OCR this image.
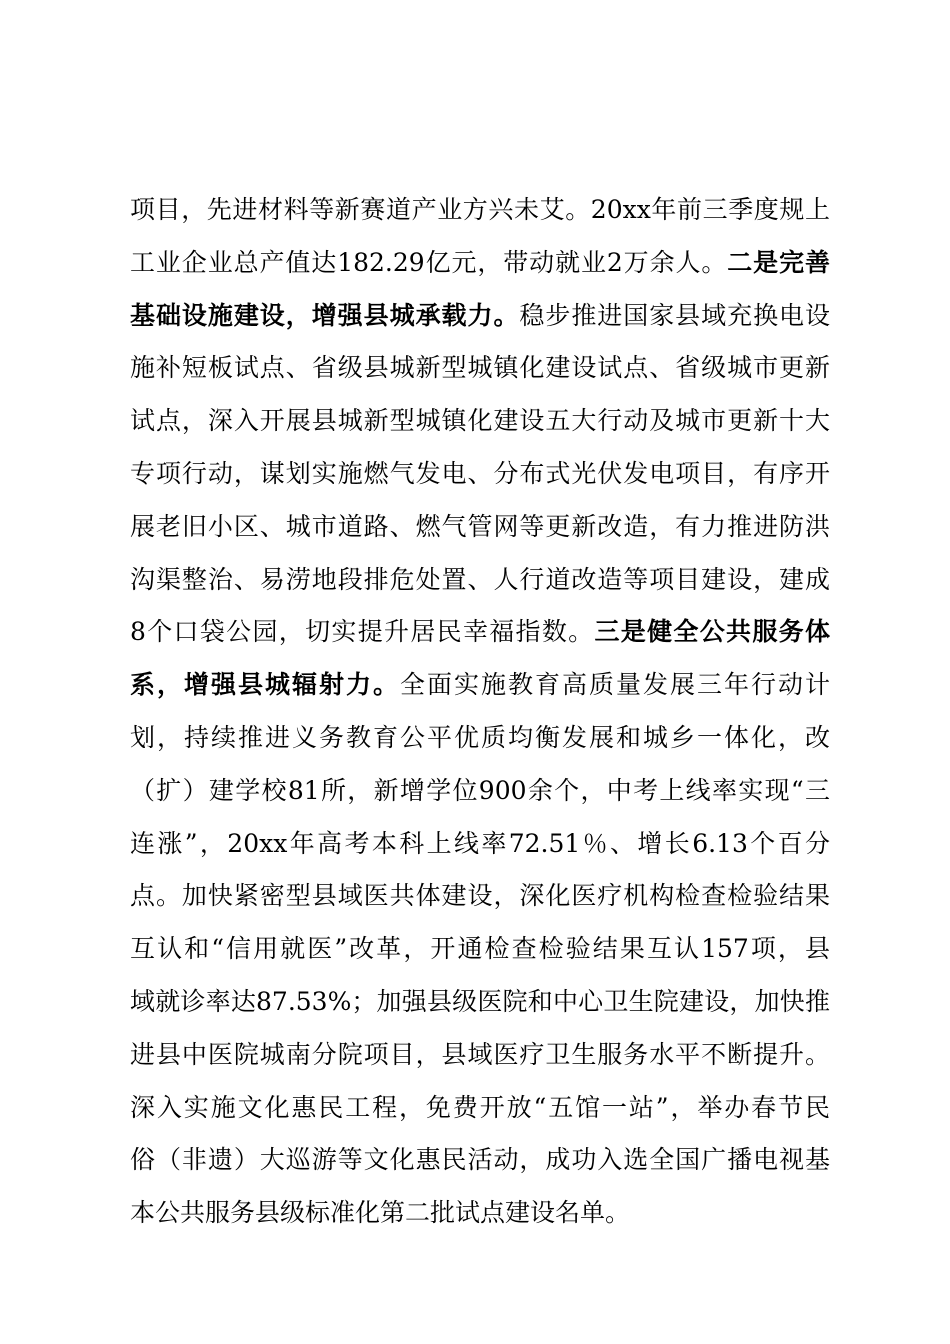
项目，先进材料等新赛道产业方兴未艾。20xx年前三季度规上
工业企业总产值达182.29亿元，带动就业2万余人。二是完善
基础设施建设，增强县城承载力。稳步推进国家县域充换电设
施补短板试点、省级县城新型城镇化建设试点、省级城市更新
试点，深入开展县城新型城镇化建设五大行动及城市更新十大
专项行动，谋划实施燃气发电、分布式光伏发电项目，有序开
展老旧小区、城市道路、燃气管网等更新改造，有力推进防洪
沟渠整治、易涝地段排危处置、人行道改造等项目建设，建成
8个口袋公园，切实提升居民幸福指数。三是健全公共服务体
系，增强县城辐射力。全面实施教育高质量发展三年行动计
划，持续推进义务教育公平优质均衡发展和城乡一体化，改
（扩）建学校81所，新增学位900余个，中考上线率实现“三
连涨”，20xx年高考本科上线率72.51％、增长6.13个百分
点。加快紧密型县域医共体建设，深化医疗机构检查检验结果
互认和“信用就医”改革，开通检查检验结果互认157项，县
域就诊率达87.53%；加强县级医院和中心卫生院建设，加快推
进县中医院城南分院项目，县域医疗卫生服务水平不断提升。
深入实施文化惠民工程，免费开放“五馆一站”，举办春节民
俗（非遗）大巡游等文化惠民活动，成功入选全国广播电视基
本公共服务县级标准化第二批试点建设名单。
